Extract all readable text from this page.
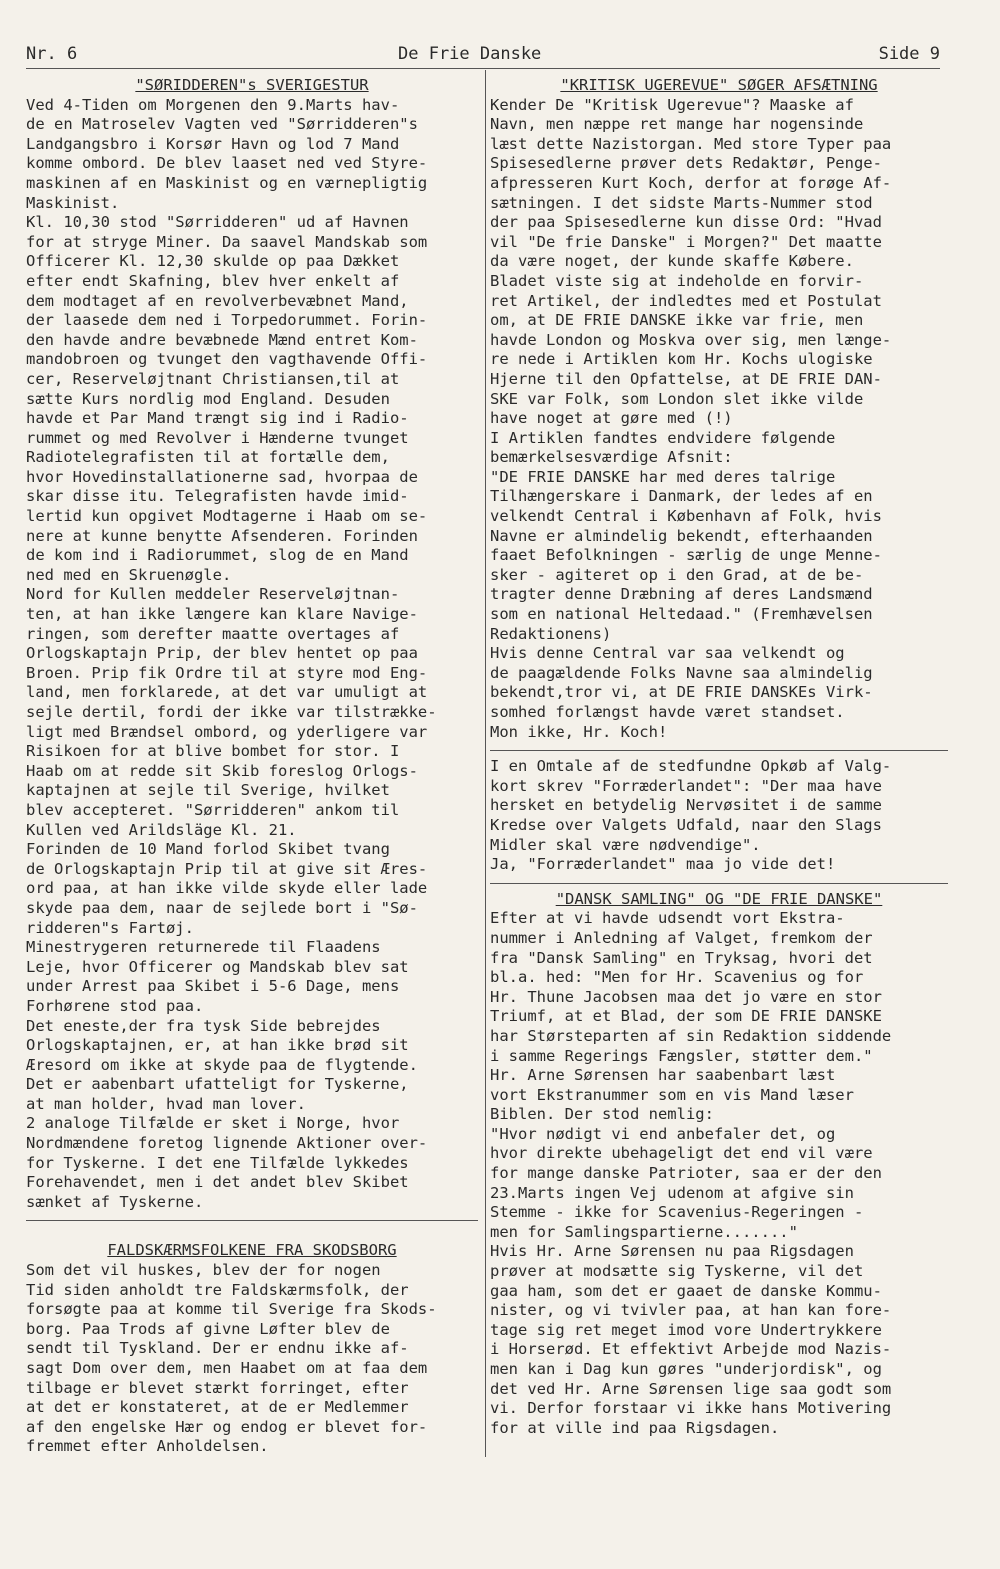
Nr. 6	De Frie Danske	Side 9
"SØRIDDEREN"s SVERIGESTUR
Ved 4-Tiden om Morgenen den 9.Marts hav-
de en Matroselev Vagten ved "Sørridderen"s
Landgangsbro i Korsør Havn og lod 7 Mand
komme ombord. De blev laaset ned ved Styre-
maskinen af en Maskinist og en værnepligtig
Maskinist.
Kl. 10,30 stod "Sørridderen" ud af Havnen
for at stryge Miner. Da saavel Mandskab som
Officerer Kl. 12,30 skulde op paa Dækket
efter endt Skafning, blev hver enkelt af
dem modtaget af en revolverbevæbnet Mand,
der laasede dem ned i Torpedorummet. Forin-
den havde andre bevæbnede Mænd entret Kom-
mandobroen og tvunget den vagthavende Offi-
cer, Reserveløjtnant Christiansen,til at
sætte Kurs nordlig mod England. Desuden
havde et Par Mand trængt sig ind i Radio-
rummet og med Revolver i Hænderne tvunget
Radiotelegrafisten til at fortælle dem,
hvor Hovedinstallationerne sad, hvorpaa de
skar disse itu. Telegrafisten havde imid-
lertid kun opgivet Modtagerne i Haab om se-
nere at kunne benytte Afsenderen. Forinden
de kom ind i Radiorummet, slog de en Mand
ned med en Skruenøgle.
Nord for Kullen meddeler Reserveløjtnan-
ten, at han ikke længere kan klare Navige-
ringen, som derefter maatte overtages af
Orlogskaptajn Prip, der blev hentet op paa
Broen. Prip fik Ordre til at styre mod Eng-
land, men forklarede, at det var umuligt at
sejle dertil, fordi der ikke var tilstrække-
ligt med Brændsel ombord, og yderligere var
Risikoen for at blive bombet for stor. I
Haab om at redde sit Skib foreslog Orlogs-
kaptajnen at sejle til Sverige, hvilket
blev accepteret. "Sørridderen" ankom til
Kullen ved Arildsläge Kl. 21.
Forinden de 10 Mand forlod Skibet tvang
de Orlogskaptajn Prip til at give sit Æres-
ord paa, at han ikke vilde skyde eller lade
skyde paa dem, naar de sejlede bort i "Sø-
ridderen"s Fartøj.
Minestrygeren returnerede til Flaadens
Leje, hvor Officerer og Mandskab blev sat
under Arrest paa Skibet i 5-6 Dage, mens
Forhørene stod paa.
Det eneste,der fra tysk Side bebrejdes
Orlogskaptajnen, er, at han ikke brød sit
Æresord om ikke at skyde paa de flygtende.
Det er aabenbart ufatteligt for Tyskerne,
at man holder, hvad man lover.
2 analoge Tilfælde er sket i Norge, hvor
Nordmændene foretog lignende Aktioner over-
for Tyskerne. I det ene Tilfælde lykkedes
Forehavendet, men i det andet blev Skibet
sænket af Tyskerne.
FALDSKÆRMSFOLKENE FRA SKODSBORG
Som det vil huskes, blev der for nogen
Tid siden anholdt tre Faldskærmsfolk, der
forsøgte paa at komme til Sverige fra Skods-
borg. Paa Trods af givne Løfter blev de
sendt til Tyskland. Der er endnu ikke af-
sagt Dom over dem, men Haabet om at faa dem
tilbage er blevet stærkt forringet, efter
at det er konstateret, at de er Medlemmer
af den engelske Hær og endog er blevet for-
fremmet efter Anholdelsen.
"KRITISK UGEREVUE" SØGER AFSÆTNING
Kender De "Kritisk Ugerevue"? Maaske af
Navn, men næppe ret mange har nogensinde
læst dette Nazistorgan. Med store Typer paa
Spisesedlerne prøver dets Redaktør, Penge-
afpresseren Kurt Koch, derfor at forøge Af-
sætningen. I det sidste Marts-Nummer stod
der paa Spisesedlerne kun disse Ord: "Hvad
vil "De frie Danske" i Morgen?" Det maatte
da være noget, der kunde skaffe Købere.
Bladet viste sig at indeholde en forvir-
ret Artikel, der indledtes med et Postulat
om, at DE FRIE DANSKE ikke var frie, men
havde London og Moskva over sig, men længe-
re nede i Artiklen kom Hr. Kochs ulogiske
Hjerne til den Opfattelse, at DE FRIE DAN-
SKE var Folk, som London slet ikke vilde
have noget at gøre med (!)
I Artiklen fandtes endvidere følgende
bemærkelsesværdige Afsnit:
"DE FRIE DANSKE har med deres talrige
Tilhængerskare i Danmark, der ledes af en
velkendt Central i København af Folk, hvis
Navne er almindelig bekendt, efterhaanden
faaet Befolkningen - særlig de unge Menne-
sker - agiteret op i den Grad, at de be-
tragter denne Dræbning af deres Landsmænd
som en national Heltedaad." (Fremhævelsen
Redaktionens)
Hvis denne Central var saa velkendt og
de paagældende Folks Navne saa almindelig
bekendt,tror vi, at DE FRIE DANSKEs Virk-
somhed forlængst havde været standset.
Mon ikke, Hr. Koch!
I en Omtale af de stedfundne Opkøb af Valg-
kort skrev "Forræderlandet": "Der maa have
hersket en betydelig Nervøsitet i de samme
Kredse over Valgets Udfald, naar den Slags
Midler skal være nødvendige".
Ja, "Forræderlandet" maa jo vide det!
"DANSK SAMLING" OG "DE FRIE DANSKE"
Efter at vi havde udsendt vort Ekstra-
nummer i Anledning af Valget, fremkom der
fra "Dansk Samling" en Tryksag, hvori det
bl.a. hed: "Men for Hr. Scavenius og for
Hr. Thune Jacobsen maa det jo være en stor
Triumf, at et Blad, der som DE FRIE DANSKE
har Størsteparten af sin Redaktion siddende
i samme Regerings Fængsler, støtter dem."
Hr. Arne Sørensen har saabenbart læst
vort Ekstranummer som en vis Mand læser
Biblen. Der stod nemlig:
"Hvor nødigt vi end anbefaler det, og
hvor direkte ubehageligt det end vil være
for mange danske Patrioter, saa er der den
23.Marts ingen Vej udenom at afgive sin
Stemme - ikke for Scavenius-Regeringen -
men for Samlingspartierne......."
Hvis Hr. Arne Sørensen nu paa Rigsdagen
prøver at modsætte sig Tyskerne, vil det
gaa ham, som det er gaaet de danske Kommu-
nister, og vi tvivler paa, at han kan fore-
tage sig ret meget imod vore Undertrykkere
i Horserød. Et effektivt Arbejde mod Nazis-
men kan i Dag kun gøres "underjordisk", og
det ved Hr. Arne Sørensen lige saa godt som
vi. Derfor forstaar vi ikke hans Motivering
for at ville ind paa Rigsdagen.
